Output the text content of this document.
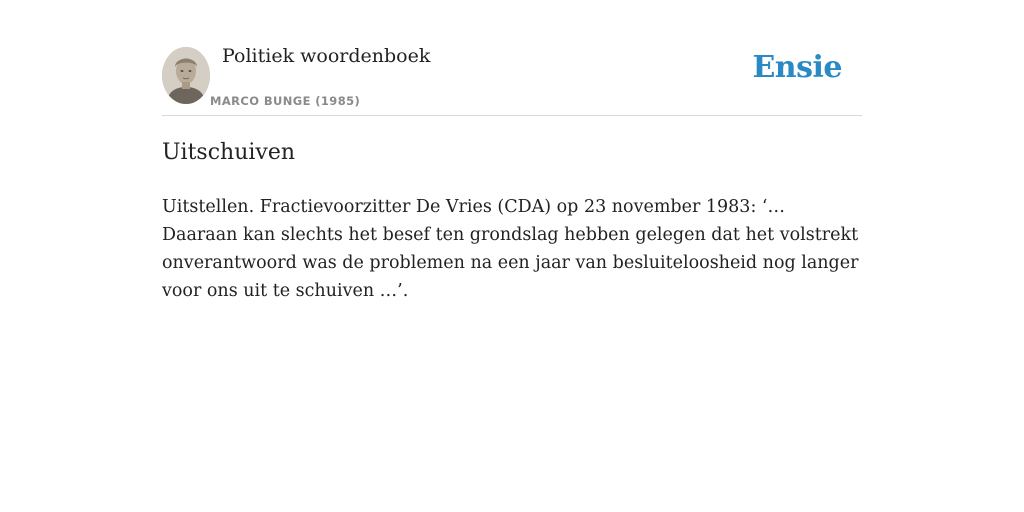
Politiek woordenboek
MARCO BUNGE (1985)
Ensie
Uitschuiven

Uitstellen. Fractievoorzitter De Vries (CDA) op 23 november 1983: ‘… Daaraan kan slechts het besef ten grondslag hebben gelegen dat het volstrekt onverantwoord was de problemen na een jaar van besluiteloosheid nog langer voor ons uit te schuiven …’.
